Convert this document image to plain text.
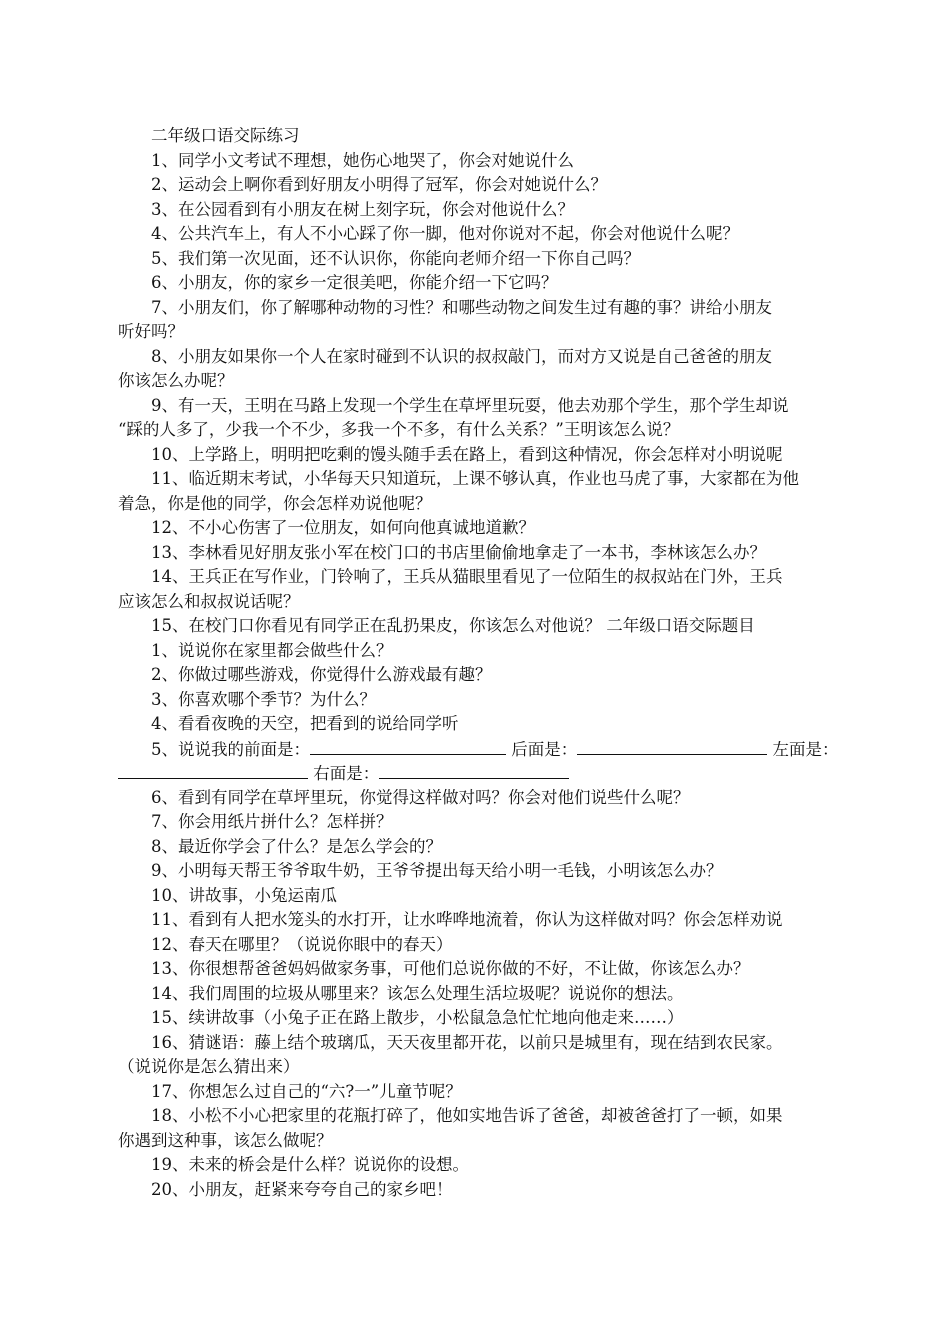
二年级口语交际练习
1、同学小文考试不理想，她伤心地哭了，你会对她说什么
2、运动会上啊你看到好朋友小明得了冠军，你会对她说什么？
3、在公园看到有小朋友在树上刻字玩，你会对他说什么？
4、公共汽车上，有人不小心踩了你一脚，他对你说对不起，你会对他说什么呢？
5、我们第一次见面，还不认识你，你能向老师介绍一下你自己吗？
6、小朋友，你的家乡一定很美吧，你能介绍一下它吗？
7、小朋友们，你了解哪种动物的习性？和哪些动物之间发生过有趣的事？讲给小朋友
听好吗？
8、小朋友如果你一个人在家时碰到不认识的叔叔敲门，而对方又说是自己爸爸的朋友
你该怎么办呢？
9、有一天，王明在马路上发现一个学生在草坪里玩耍，他去劝那个学生，那个学生却说
“踩的人多了，少我一个不少，多我一个不多，有什么关系？”王明该怎么说？
10、上学路上，明明把吃剩的馒头随手丢在路上，看到这种情况，你会怎样对小明说呢
11、临近期末考试，小华每天只知道玩，上课不够认真，作业也马虎了事，大家都在为他
着急，你是他的同学，你会怎样劝说他呢？
12、不小心伤害了一位朋友，如何向他真诚地道歉？
13、李林看见好朋友张小军在校门口的书店里偷偷地拿走了一本书，李林该怎么办？
14、王兵正在写作业，门铃响了，王兵从猫眼里看见了一位陌生的叔叔站在门外，王兵
应该怎么和叔叔说话呢？
15、在校门口你看见有同学正在乱扔果皮，你该怎么对他说？ 二年级口语交际题目
1、说说你在家里都会做些什么？
2、你做过哪些游戏，你觉得什么游戏最有趣？
3、你喜欢哪个季节？为什么？
4、看看夜晚的天空，把看到的说给同学听
5、说说我的前面是：	后面是：	左面是：
右面是：
6、看到有同学在草坪里玩，你觉得这样做对吗？你会对他们说些什么呢？
7、你会用纸片拼什么？怎样拼？
8、最近你学会了什么？是怎么学会的？
9、小明每天帮王爷爷取牛奶，王爷爷提出每天给小明一毛钱，小明该怎么办？
10、讲故事，小兔运南瓜
11、看到有人把水笼头的水打开，让水哗哗地流着，你认为这样做对吗？你会怎样劝说
12、春天在哪里？（说说你眼中的春天）
13、你很想帮爸爸妈妈做家务事，可他们总说你做的不好，不让做，你该怎么办？
14、我们周围的垃圾从哪里来？该怎么处理生活垃圾呢？说说你的想法。
15、续讲故事（小兔子正在路上散步，小松鼠急急忙忙地向他走来……）
16、猜谜语：藤上结个玻璃瓜，天天夜里都开花，以前只是城里有，现在结到农民家。
（说说你是怎么猜出来）
17、你想怎么过自己的“六?一”儿童节呢？
18、小松不小心把家里的花瓶打碎了，他如实地告诉了爸爸，却被爸爸打了一顿，如果
你遇到这种事，该怎么做呢？
19、未来的桥会是什么样？说说你的设想。
20、小朋友，赶紧来夸夸自己的家乡吧！
